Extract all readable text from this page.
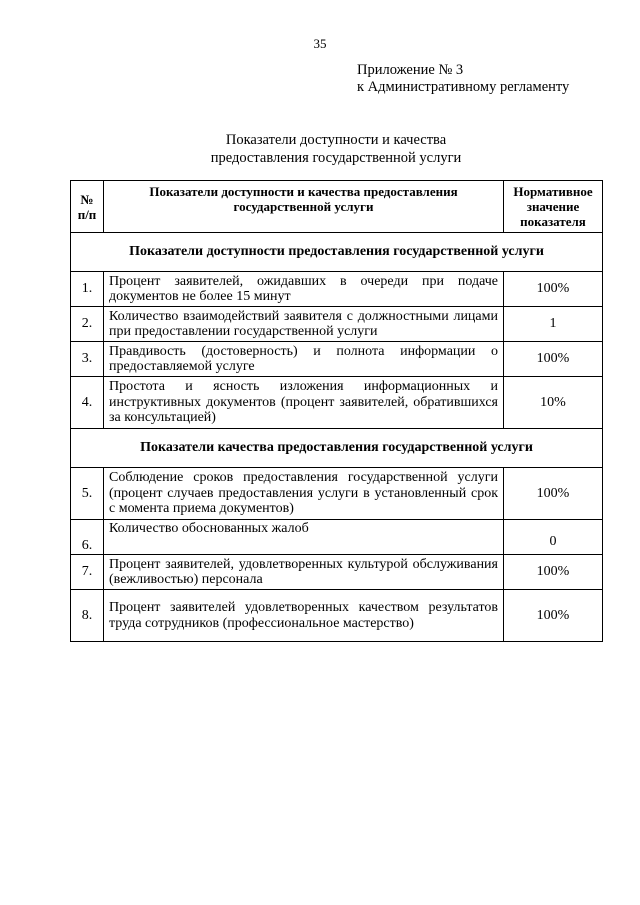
35
Приложение № 3
к Административному регламенту
Показатели доступности и качества
предоставления государственной услуги
№ п/п	Показатели доступности и качества предоставления государственной услуги	Нормативное значение показателя
Показатели доступности предоставления государственной услуги		
1.	Процент заявителей, ожидавших в очереди при подаче документов не более 15 минут	100%
2.	Количество взаимодействий заявителя с должностными лицами при предоставлении государственной услуги	1
3.	Правдивость (достоверность) и полнота информации о предоставляемой услуге	100%
4.	Простота и ясность изложения информационных и инструктивных документов (процент заявителей, обратившихся за консультацией)	10%
Показатели качества предоставления государственной услуги		
5.	Соблюдение сроков предоставления государственной услуги (процент случаев предоставления услуги в установленный срок с момента приема документов)	100%
6.	Количество обоснованных жалоб	0
7.	Процент заявителей, удовлетворенных культурой обслуживания (вежливостью) персонала	100%
8.	Процент заявителей удовлетворенных качеством результатов труда сотрудников (профессиональное мастерство)	100%
